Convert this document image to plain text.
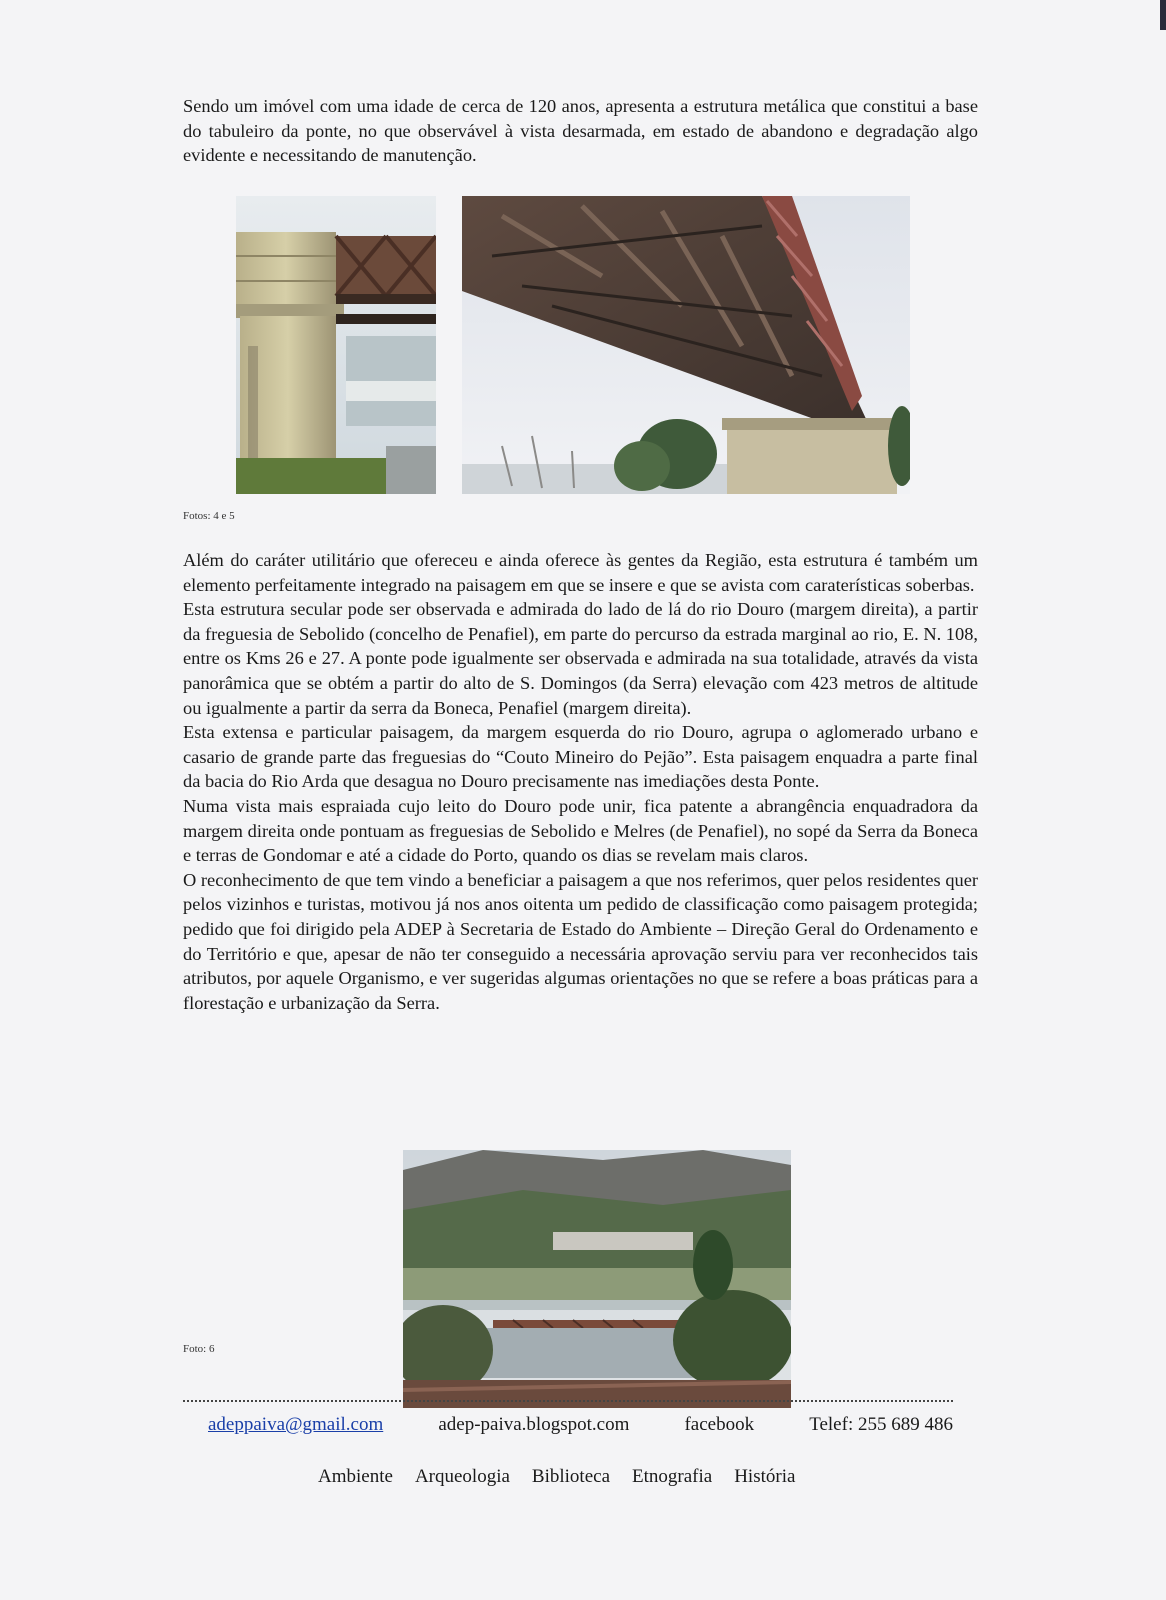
Sendo um imóvel com uma idade de cerca de 120 anos, apresenta a estrutura metálica que constitui a base do tabuleiro da ponte, no que observável à vista desarmada, em estado de abandono e degradação algo evidente e necessitando de manutenção.

Fotos: 4 e 5

Além do caráter utilitário que ofereceu e ainda oferece às gentes da Região, esta estrutura é também um elemento perfeitamente integrado na paisagem em que se insere e que se avista com caraterísticas soberbas.

Esta estrutura secular pode ser observada e admirada do lado de lá do rio Douro (margem direita), a partir da freguesia de Sebolido (concelho de Penafiel), em parte do percurso da estrada marginal ao rio, E. N. 108, entre os Kms 26 e 27. A ponte pode igualmente ser observada e admirada na sua totalidade, através da vista panorâmica que se obtém a partir do alto de S. Domingos (da Serra) elevação com 423 metros de altitude ou igualmente a partir da serra da Boneca, Penafiel (margem direita).

Esta extensa e particular paisagem, da margem esquerda do rio Douro, agrupa o aglomerado urbano e casario de grande parte das freguesias do “Couto Mineiro do Pejão”. Esta paisagem enquadra a parte final da bacia do Rio Arda que desagua no Douro precisamente nas imediações desta Ponte.

Numa vista mais espraiada cujo leito do Douro pode unir, fica patente a abrangência enquadradora da margem direita onde pontuam as freguesias de Sebolido e Melres (de Penafiel), no sopé da Serra da Boneca e terras de Gondomar e até a cidade do Porto, quando os dias se revelam mais claros.

O reconhecimento de que tem vindo a beneficiar a paisagem a que nos referimos, quer pelos residentes quer pelos vizinhos e turistas, motivou já nos anos oitenta um pedido de classificação como paisagem protegida; pedido que foi dirigido pela ADEP à Secretaria de Estado do Ambiente – Direção Geral do Ordenamento e do Território e que, apesar de não ter conseguido a necessária aprovação serviu para ver reconhecidos tais atributos, por aquele Organismo, e ver sugeridas algumas orientações no que se refere a boas práticas para a florestação e urbanização da Serra.

Foto: 6
adeppaiva@gmail.com	adep-paiva.blogspot.com	facebook	Telef: 255 689 486
Ambiente Arqueologia Biblioteca Etnografia História
